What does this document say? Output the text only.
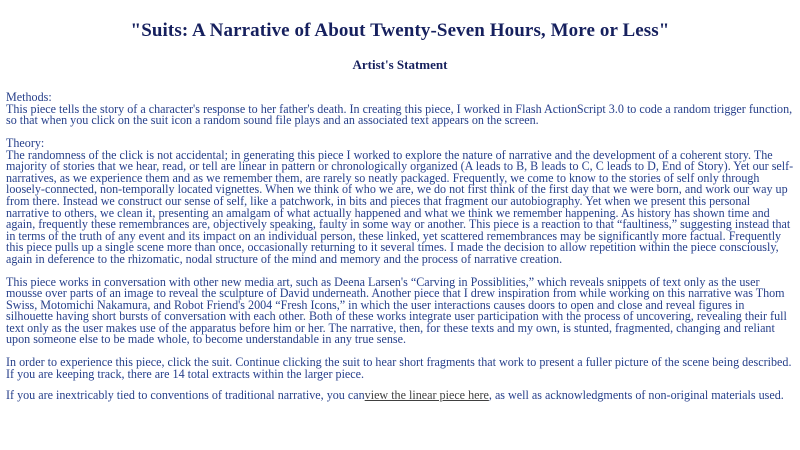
"Suits: A Narrative of About Twenty-Seven Hours, More or Less"
Artist's Statment
Methods:

This piece tells the story of a character's response to her father's death. In creating this piece, I worked in Flash ActionScript 3.0 to code a random trigger function, so that when you click on the suit icon a random sound file plays and an associated text appears on the screen.

Theory:

The randomness of the click is not accidental; in generating this piece I worked to explore the nature of narrative and the development of a coherent story. The majority of stories that we hear, read, or tell are linear in pattern or chronologically organized (A leads to B, B leads to C, C leads to D, End of Story). Yet our self-narratives, as we experience them and as we remember them, are rarely so neatly packaged. Frequently, we come to know to the stories of self only through loosely-connected, non-temporally located vignettes. When we think of who we are, we do not first think of the first day that we were born, and work our way up from there. Instead we construct our sense of self, like a patchwork, in bits and pieces that fragment our autobiography. Yet when we present this personal narrative to others, we clean it, presenting an amalgam of what actually happened and what we think we remember happening. As history has shown time and again, frequently these remembrances are, objectively speaking, faulty in some way or another. This piece is a reaction to that “faultiness,” suggesting instead that in terms of the truth of any event and its impact on an individual person, these linked, yet scattered remembrances may be significantly more factual. Frequently this piece pulls up a single scene more than once, occasionally returning to it several times. I made the decision to allow repetition within the piece consciously, again in deference to the rhizomatic, nodal structure of the mind and memory and the process of narrative creation.

This piece works in conversation with other new media art, such as Deena Larsen's “Carving in Possiblities,” which reveals snippets of text only as the user mousse over parts of an image to reveal the sculpture of David underneath. Another piece that I drew inspiration from while working on this narrative was Thom Swiss, Motomichi Nakamura, and Robot Friend's 2004 “Fresh Icons,” in which the user interactions causes doors to open and close and reveal figures in silhouette having short bursts of conversation with each other. Both of these works integrate user participation with the process of uncovering, revealing their full text only as the user makes use of the apparatus before him or her. The narrative, then, for these texts and my own, is stunted, fragmented, changing and reliant upon someone else to be made whole, to become understandable in any true sense.

In order to experience this piece, click the suit. Continue clicking the suit to hear short fragments that work to present a fuller picture of the scene being described. If you are keeping track, there are 14 total extracts within the larger piece.

If you are inextricably tied to conventions of traditional narrative, you canview the linear piece here, as well as acknowledgments of non-original materials used.
